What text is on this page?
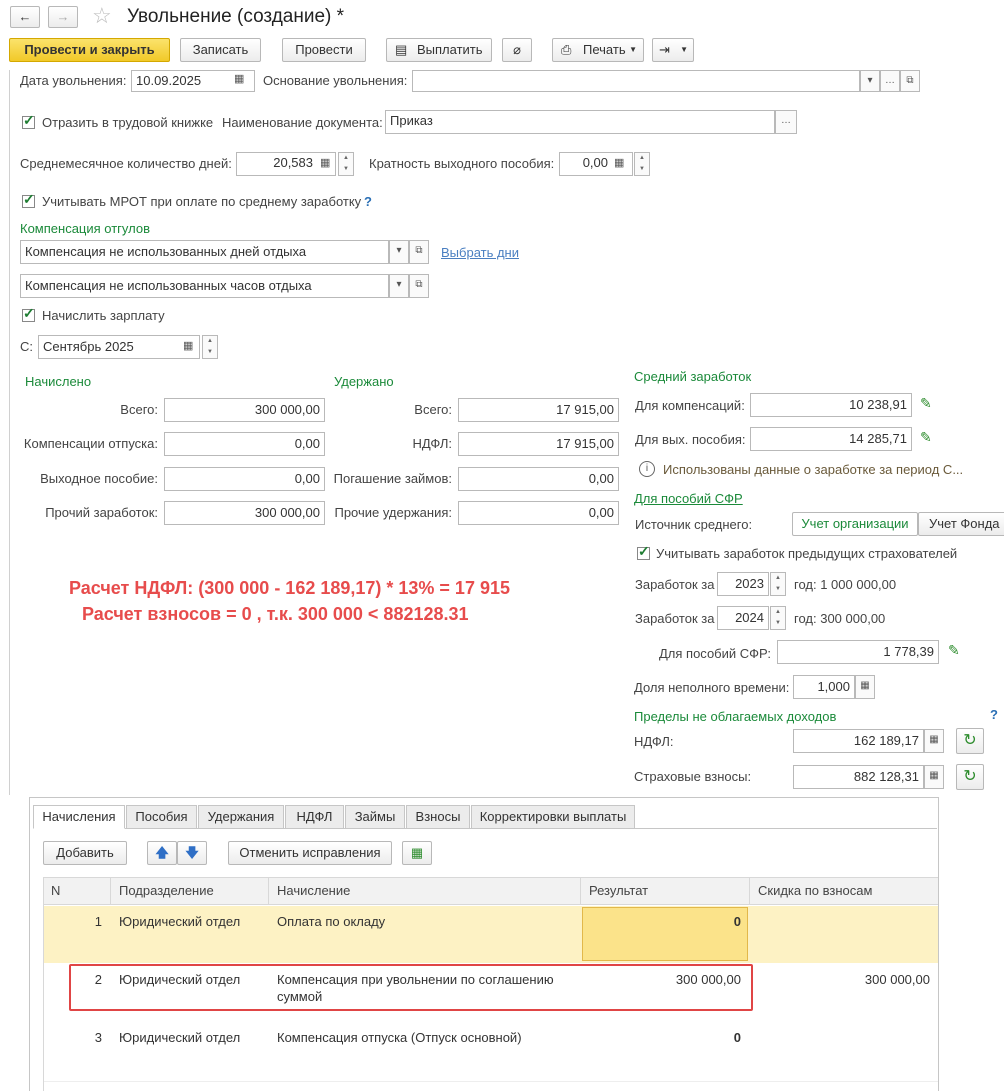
←	→	☆ Увольнение (создание) *
Провести и закрыть	Записать	Провести	▤ Выплатить	⌀	⎙ Печать ▼ ⇥ ▼
Дата увольнения: 10.09.2025	▦ Основание увольнения:	▾	…	⧉
✓
Отразить в трудовой книжке Наименование документа: Приказ	…
Среднемесячное количество дней:	20,583 ▦ ▲ ▼	Кратность выходного пособия:	0,00 ▦
▲ ▼
✓
Учитывать МРОТ при оплате по среднему заработку ?
Компенсация отгулов
Компенсация не использованных дней отдыха	▾	⧉	Выбрать дни
Компенсация не использованных часов отдыха	▾	⧉
✓
Начислить зарплату
С: Сентябрь 2025	▦
▲ ▼
Начислено
Всего:	300 000,00
Компенсации отпуска:	0,00
Выходное пособие:	0,00
Прочий заработок:	300 000,00
Удержано
Всего:	17 915,00
НДФЛ:	17 915,00
Погашение займов:	0,00
Прочие удержания:	0,00
Средний заработок
Для компенсаций:	10 238,91 ✎
Для вых. пособия:	14 285,71 ✎
i	Использованы данные о заработке за период С...
Для пособий СФР
Источник среднего:	Учет организации	Учет Фонда
✓
Учитывать заработок предыдущих страхователей
Заработок за	2023 ▲ ▼	год: 1 000 000,00
Заработок за	2024 ▲ ▼	год: 300 000,00
Для пособий СФР:	1 778,39	✎
Доля неполного времени:	1,000	▦
Пределы не облагаемых доходов	?
НДФЛ:	162 189,17	▦	↻
Страховые взносы:	882 128,31	▦	↻
Расчет НДФЛ: (300 000 - 162 189,17) * 13% = 17 915
Расчет взносов = 0 , т.к. 300 000 < 882128.31
Начисления	Пособия	Удержания	НДФЛ	Займы	Взносы	Корректировки выплаты
Добавить	🡅	🡇	Отменить исправления	▦
N	Подразделение	Начисление	Результат	Скидка по взносам
1 Юридический отдел	Оплата по окладу	0
2 Юридический отдел	Компенсация при увольнении по соглашению
суммой
300 000,00	300 000,00
3 Юридический отдел	Компенсация отпуска (Отпуск основной)	0
